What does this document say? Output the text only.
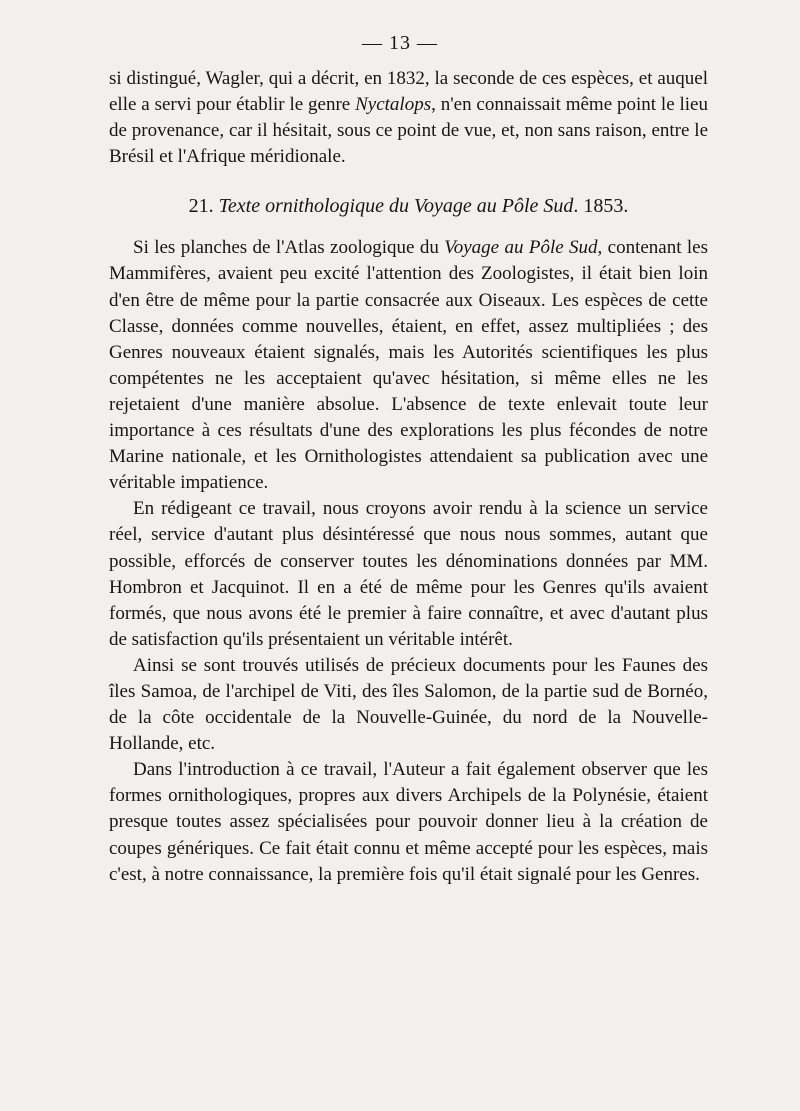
— 13 —

si distingué, Wagler, qui a décrit, en 1832, la seconde de ces espèces, et auquel elle a servi pour établir le genre Nyctalops, n'en connaissait même point le lieu de provenance, car il hésitait, sous ce point de vue, et, non sans raison, entre le Brésil et l'Afrique méridionale.

21. Texte ornithologique du Voyage au Pôle Sud. 1853.

Si les planches de l'Atlas zoologique du Voyage au Pôle Sud, contenant les Mammifères, avaient peu excité l'attention des Zoologistes, il était bien loin d'en être de même pour la partie consacrée aux Oiseaux. Les espèces de cette Classe, données comme nouvelles, étaient, en effet, assez multipliées ; des Genres nouveaux étaient signalés, mais les Autorités scientifiques les plus compétentes ne les acceptaient qu'avec hésitation, si même elles ne les rejetaient d'une manière absolue. L'absence de texte enlevait toute leur importance à ces résultats d'une des explorations les plus fécondes de notre Marine nationale, et les Ornithologistes attendaient sa publication avec une véritable impatience.

En rédigeant ce travail, nous croyons avoir rendu à la science un service réel, service d'autant plus désintéressé que nous nous sommes, autant que possible, efforcés de conserver toutes les dénominations données par MM. Hombron et Jacquinot. Il en a été de même pour les Genres qu'ils avaient formés, que nous avons été le premier à faire connaître, et avec d'autant plus de satisfaction qu'ils présentaient un véritable intérêt.

Ainsi se sont trouvés utilisés de précieux documents pour les Faunes des îles Samoa, de l'archipel de Viti, des îles Salomon, de la partie sud de Bornéo, de la côte occidentale de la Nouvelle-Guinée, du nord de la Nouvelle-Hollande, etc.

Dans l'introduction à ce travail, l'Auteur a fait également observer que les formes ornithologiques, propres aux divers Archipels de la Polynésie, étaient presque toutes assez spécialisées pour pouvoir donner lieu à la création de coupes génériques. Ce fait était connu et même accepté pour les espèces, mais c'est, à notre connaissance, la première fois qu'il était signalé pour les Genres.
